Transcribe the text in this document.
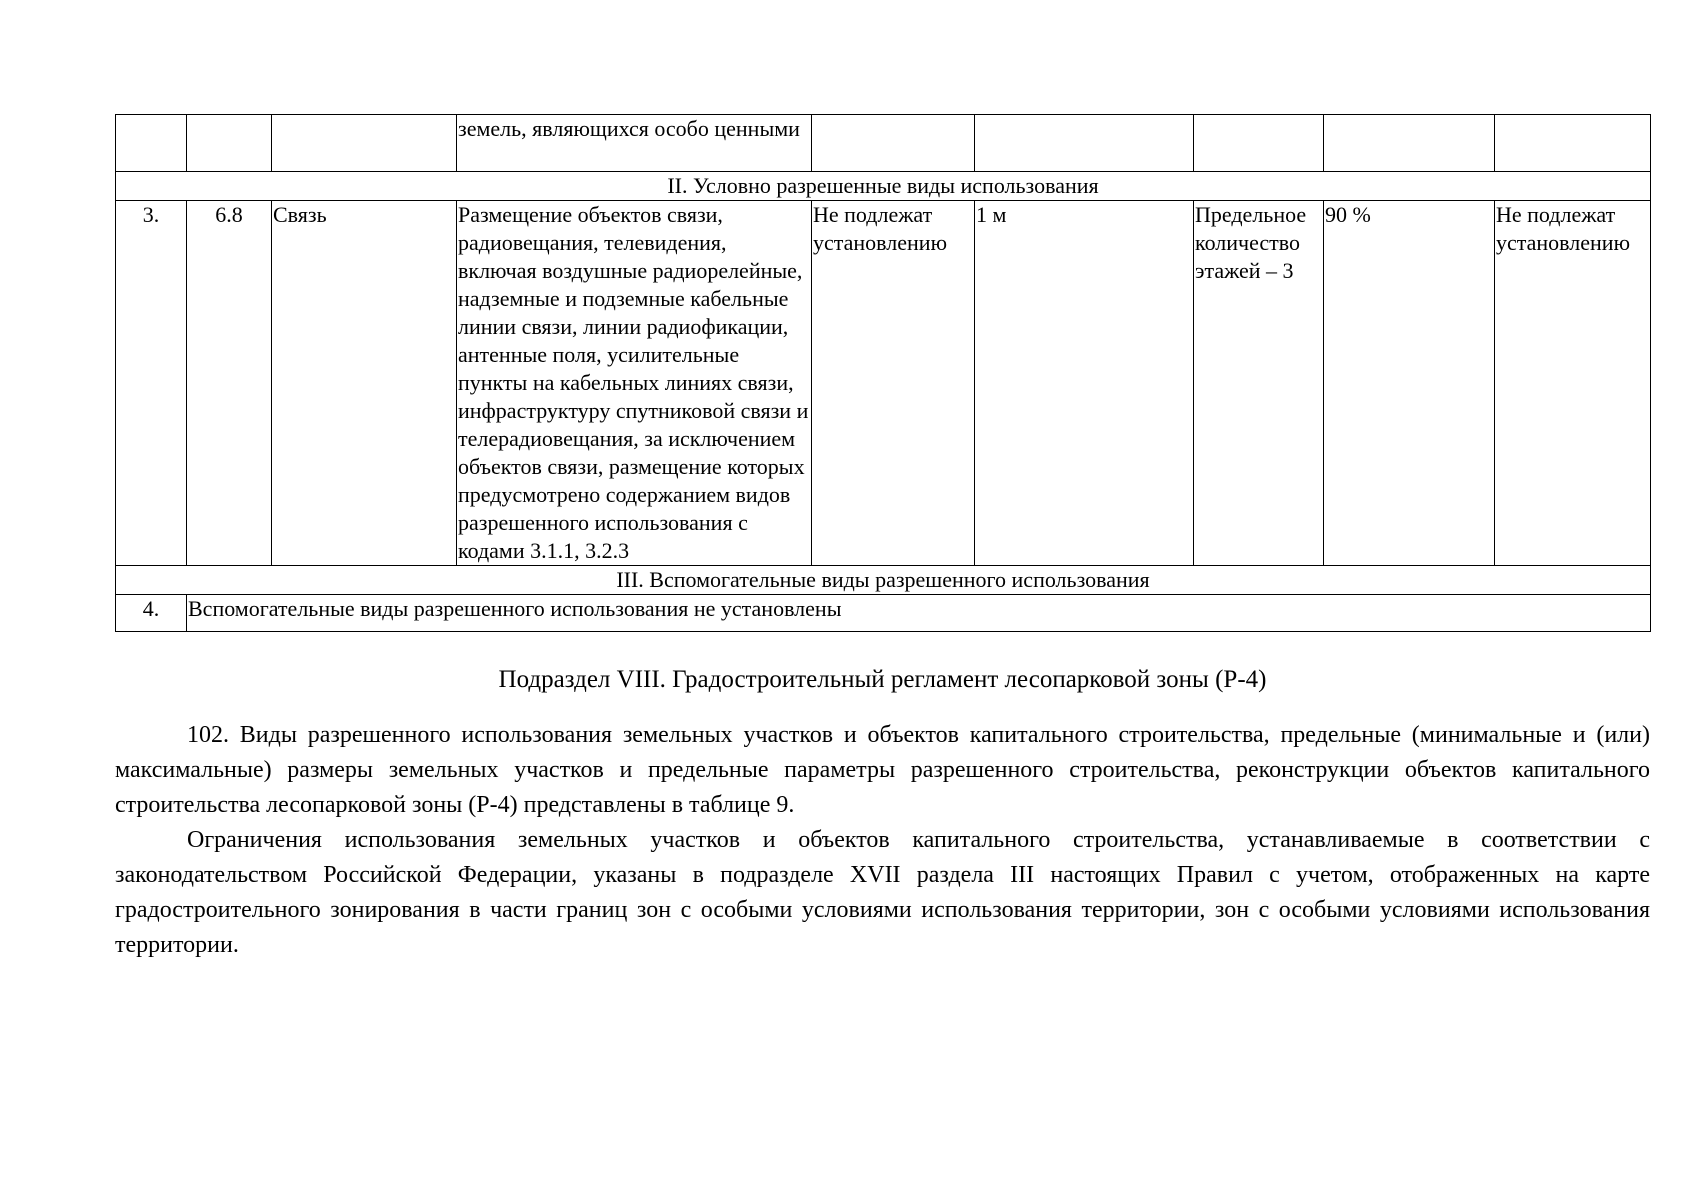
			земель, являющихся особо ценными					
II. Условно разрешенные виды использования								
3.	6.8	Связь	Размещение объектов связи, радиовещания, телевидения, включая воздушные радиорелейные, надземные и подземные кабельные линии связи, линии радиофикации, антенные поля, усилительные пункты на кабельных линиях связи, инфраструктуру спутниковой связи и телерадиовещания, за исключением объектов связи, размещение которых предусмотрено содержанием видов разрешенного использования с кодами 3.1.1, 3.2.3	Не подлежат установлению	1 м	Предельное количество этажей – 3	90 %	Не подлежат установлению
III. Вспомогательные виды разрешенного использования								
4.	Вспомогательные виды разрешенного использования не установлены							
Подраздел VIII. Градостроительный регламент лесопарковой зоны (Р-4)

102. Виды разрешенного использования земельных участков и объектов капитального строительства, предельные (минимальные и (или) максимальные) размеры земельных участков и предельные параметры разрешенного строительства, реконструкции объектов капитального строительства лесопарковой зоны (Р-4) представлены в таблице 9.

Ограничения использования земельных участков и объектов капитального строительства, устанавливаемые в соответствии с законодательством Российской Федерации, указаны в подразделе XVII раздела III настоящих Правил с учетом, отображенных на карте градостроительного зонирования в части границ зон с особыми условиями использования территории, зон с особыми условиями использования территории.
